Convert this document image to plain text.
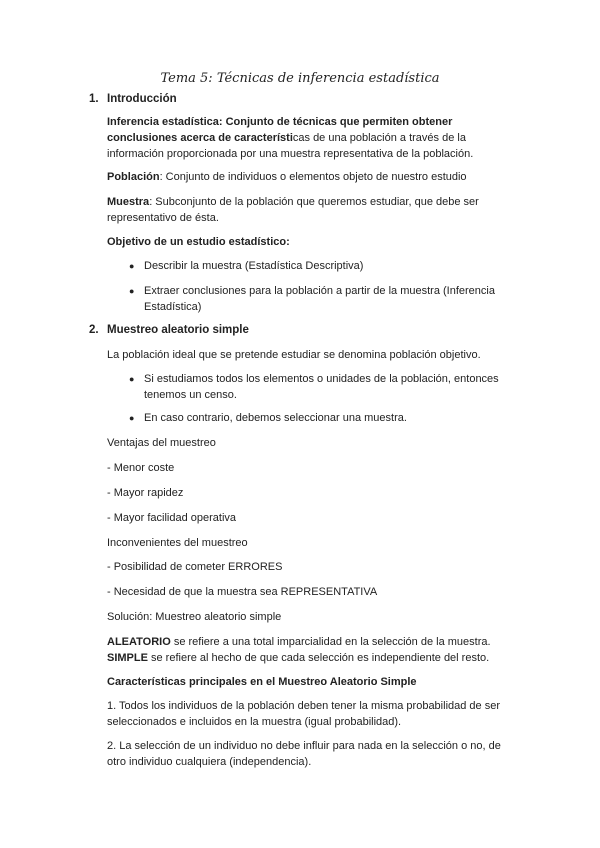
Tema 5: Técnicas de inferencia estadística
1. Introducción
Inferencia estadística: Conjunto de técnicas que permiten obtener conclusiones acerca de características de una población a través de la información proporcionada por una muestra representativa de la población.
Población: Conjunto de individuos o elementos objeto de nuestro estudio
Muestra: Subconjunto de la población que queremos estudiar, que debe ser representativo de ésta.
Objetivo de un estudio estadístico:
● Describir la muestra (Estadística Descriptiva)
● Extraer conclusiones para la población a partir de la muestra (Inferencia Estadística)
2. Muestreo aleatorio simple
La población ideal que se pretende estudiar se denomina población objetivo.
● Si estudiamos todos los elementos o unidades de la población, entonces tenemos un censo.
● En caso contrario, debemos seleccionar una muestra.
Ventajas del muestreo
- Menor coste
- Mayor rapidez
- Mayor facilidad operativa
Inconvenientes del muestreo
- Posibilidad de cometer ERRORES
- Necesidad de que la muestra sea REPRESENTATIVA
Solución: Muestreo aleatorio simple
ALEATORIO se refiere a una total imparcialidad en la selección de la muestra.
SIMPLE se refiere al hecho de que cada selección es independiente del resto.
Características principales en el Muestreo Aleatorio Simple
1. Todos los individuos de la población deben tener la misma probabilidad de ser seleccionados e incluidos en la muestra (igual probabilidad).
2. La selección de un individuo no debe influir para nada en la selección o no, de otro individuo cualquiera (independencia).
